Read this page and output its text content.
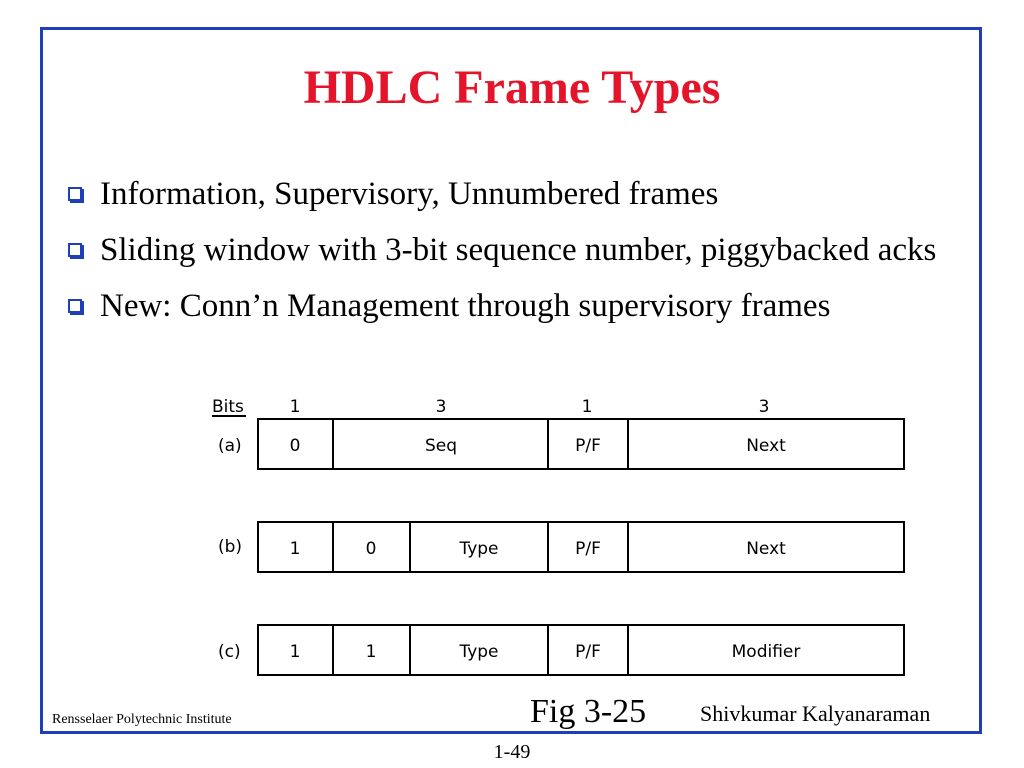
HDLC Frame Types
Information, Supervisory, Unnumbered frames
Sliding window with 3-bit sequence number, piggybacked acks
New: Conn’n Management through supervisory frames
Bits	1	3	1	3
(a)	0	Seq	P/F	Next
(b)	1	0	Type	P/F	Next
(c)	1	1	Type	P/F	Modifier
Fig 3-25 Shivkumar Kalyanaraman
Rensselaer Polytechnic Institute
1-49
